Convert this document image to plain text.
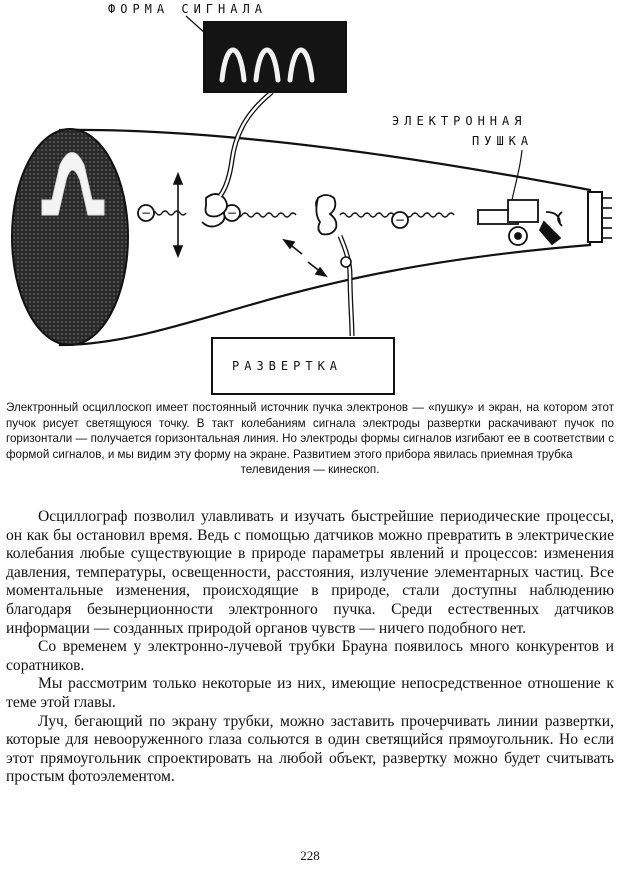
−	−	−
ФОРМА СИГНАЛА
ЭЛЕКТРОННАЯ
ПУШКА
РАЗВЕРТКА

Электронный осциллоскоп имеет постоянный источник пучка электронов — «пушку» и экран, на котором этот пучок рисует светящуюся точку. В такт колебаниям сигнала электроды развертки раскачивают пучок по горизонтали — получается горизонтальная линия. Но электроды формы сигналов изгибают ее в соответствии с формой сигналов, и мы видим эту форму на экране. Развитием этого прибора явилась приемная трубка

телевидения — кинескоп.

Осциллограф позволил улавливать и изучать быстрейшие периодические процессы, он как бы остановил время. Ведь с помощью датчиков можно превратить в электрические колебания любые существующие в природе параметры явлений и процессов: изменения давления, температуры, освещенности, расстояния, излучение элементарных частиц. Все моментальные изменения, происходящие в природе, стали доступны наблюдению благодаря безынерционности электронного пучка. Среди естественных датчиков информации — созданных природой органов чувств — ничего подобного нет.

Со временем у электронно-лучевой трубки Брауна появилось много конкурентов и соратников.

Мы рассмотрим только некоторые из них, имеющие непосредственное отношение к теме этой главы.

Луч, бегающий по экрану трубки, можно заставить прочерчивать линии развертки, которые для невооруженного глаза сольются в один светящийся прямоугольник. Но если этот прямоугольник спроектировать на любой объект, развертку можно будет считывать простым фотоэлементом.

228
